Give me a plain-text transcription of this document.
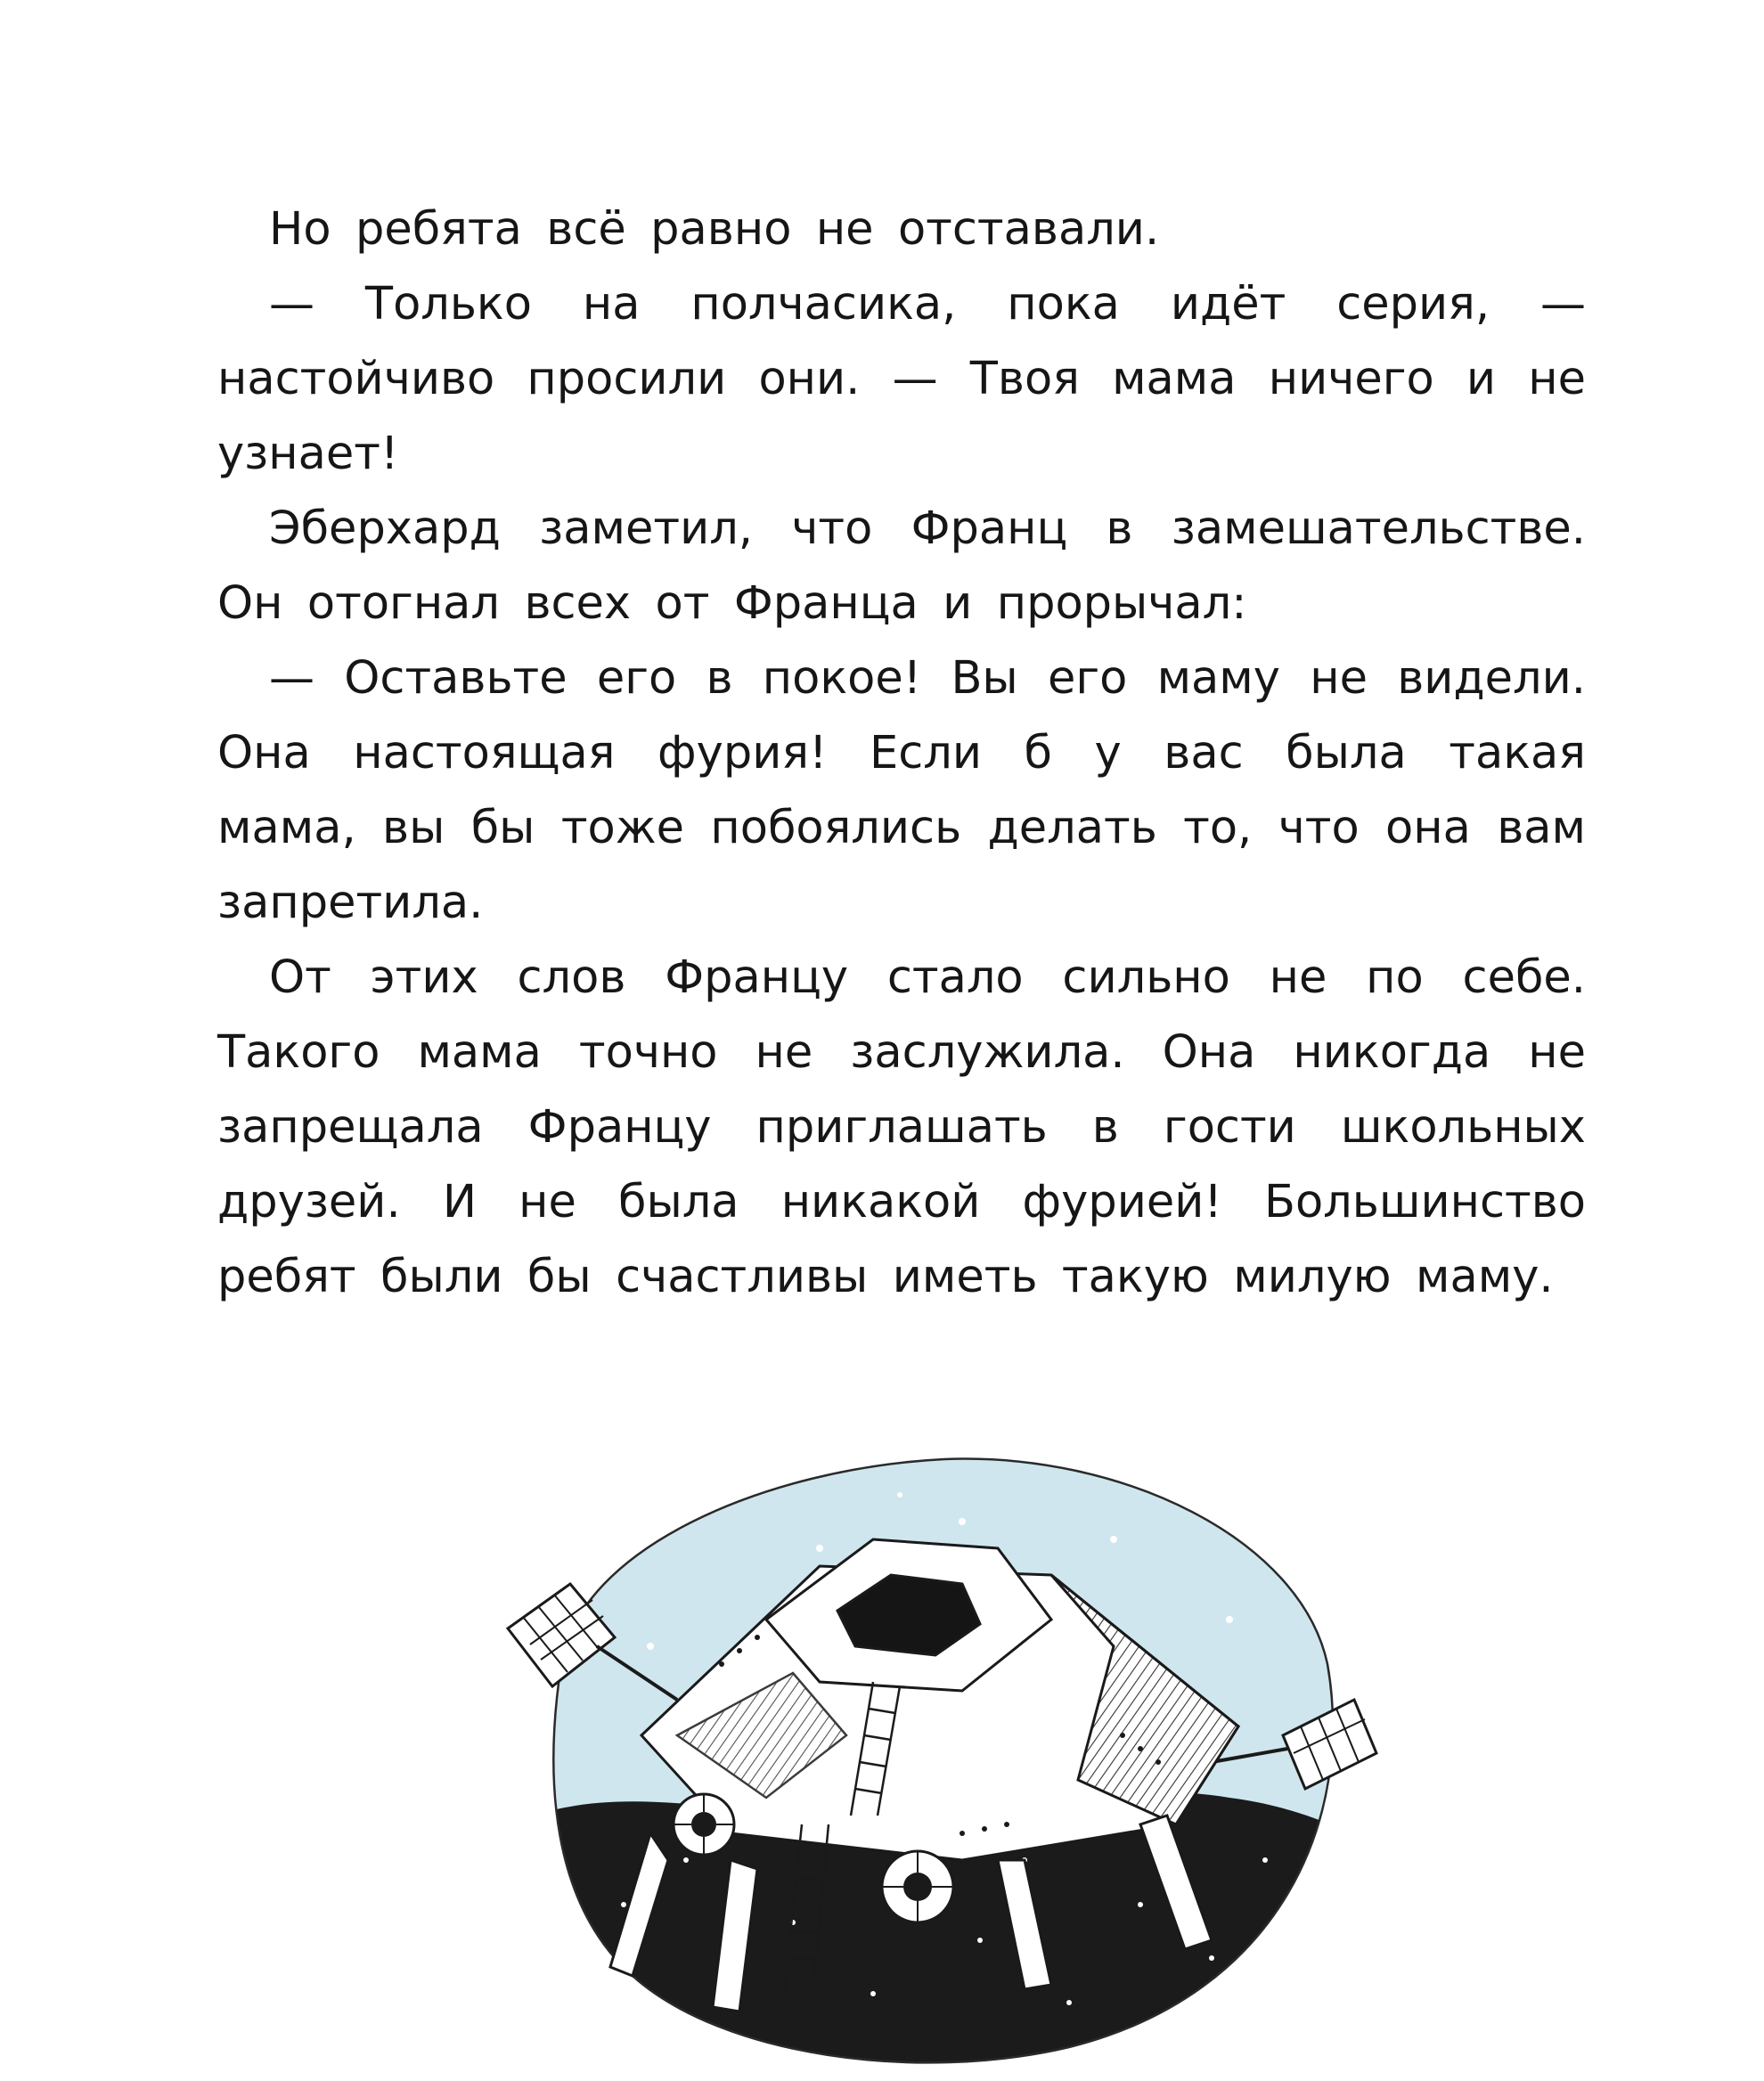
Но ребята всё равно не отставали.

— Только на полчасика, пока идёт серия, — настойчиво просили они. — Твоя мама ничего и не узнает!

Эберхард заметил, что Франц в замешательстве. Он отогнал всех от Франца и прорычал:

— Оставьте его в покое! Вы его маму не видели. Она настоящая фурия! Если б у вас была такая мама, вы бы тоже побоялись делать то, что она вам запретила.

От этих слов Францу стало сильно не по себе. Такого мама точно не заслужила. Она никогда не запрещала Францу приглашать в гости школьных друзей. И не была никакой фурией! Большинство ребят были бы счастливы иметь такую милую маму.
